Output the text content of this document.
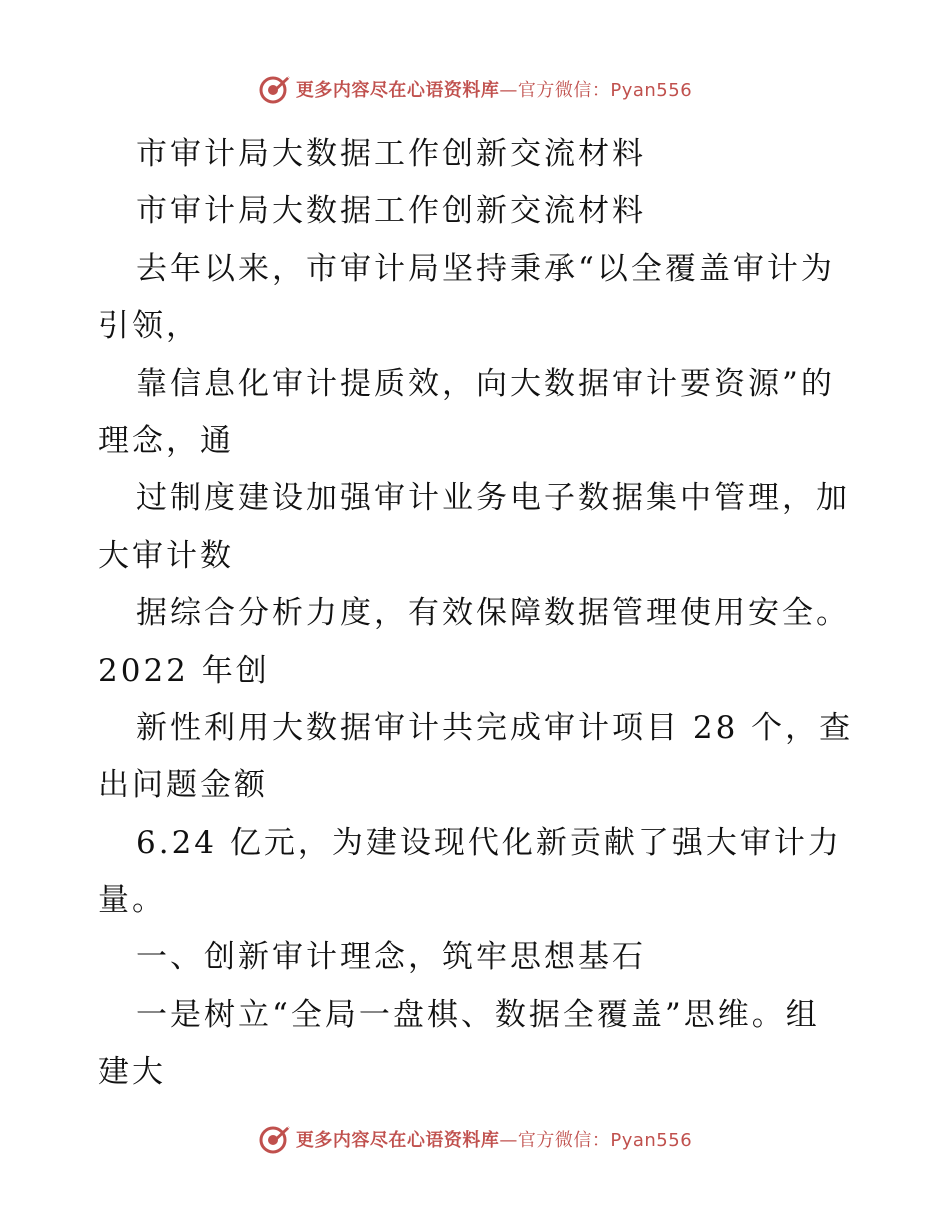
更多内容尽在心语资料库—官方微信：Pyan556
市审计局大数据工作创新交流材料
市审计局大数据工作创新交流材料
去年以来，市审计局坚持秉承“以全覆盖审计为
引领，
靠信息化审计提质效，向大数据审计要资源”的
理念，通
过制度建设加强审计业务电子数据集中管理，加
大审计数
据综合分析力度，有效保障数据管理使用安全。
2022 年创
新性利用大数据审计共完成审计项目 28 个，查
出问题金额
6.24 亿元，为建设现代化新贡献了强大审计力
量。
一、创新审计理念，筑牢思想基石
一是树立“全局一盘棋、数据全覆盖”思维。组
建大
更多内容尽在心语资料库—官方微信：Pyan556
